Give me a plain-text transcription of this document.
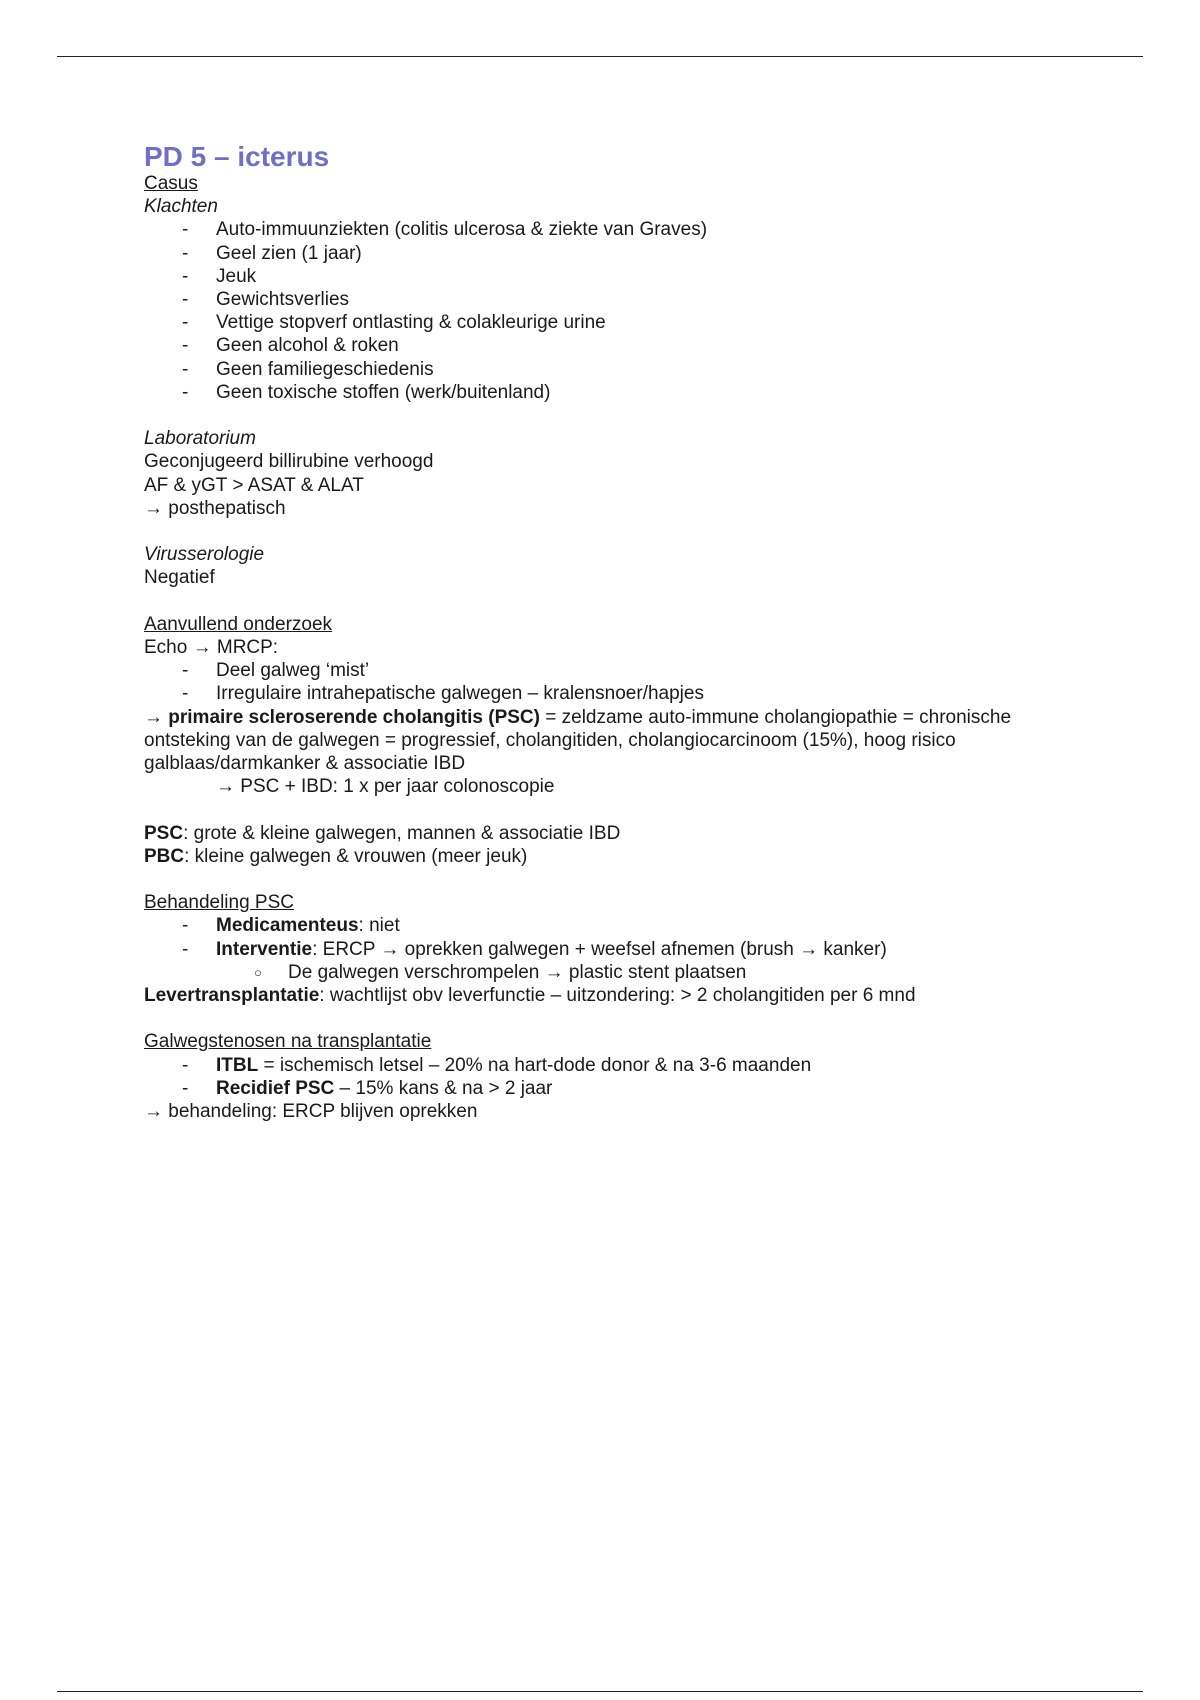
PD 5 – icterus
Casus
Klachten
- Auto-immuunziekten (colitis ulcerosa & ziekte van Graves)
- Geel zien (1 jaar)
- Jeuk
- Gewichtsverlies
- Vettige stopverf ontlasting & colakleurige urine
- Geen alcohol & roken
- Geen familiegeschiedenis
- Geen toxische stoffen (werk/buitenland)
Laboratorium
Geconjugeerd billirubine verhoogd
AF & yGT > ASAT & ALAT
→ posthepatisch
Virusserologie
Negatief
Aanvullend onderzoek
Echo → MRCP:
- Deel galweg ‘mist’
- Irregulaire intrahepatische galwegen – kralensnoer/hapjes
→ primaire scleroserende cholangitis (PSC) = zeldzame auto-immune cholangiopathie = chronische ontsteking van de galwegen = progressief, cholangitiden, cholangiocarcinoom (15%), hoog risico galblaas/darmkanker & associatie IBD
→ PSC + IBD: 1 x per jaar colonoscopie
PSC: grote & kleine galwegen, mannen & associatie IBD
PBC: kleine galwegen & vrouwen (meer jeuk)
Behandeling PSC
- Medicamenteus: niet
- Interventie: ERCP → oprekken galwegen + weefsel afnemen (brush → kanker)
○ De galwegen verschrompelen → plastic stent plaatsen
Levertransplantatie: wachtlijst obv leverfunctie – uitzondering: > 2 cholangitiden per 6 mnd
Galwegstenosen na transplantatie
- ITBL = ischemisch letsel – 20% na hart-dode donor & na 3-6 maanden
- Recidief PSC – 15% kans & na > 2 jaar
→ behandeling: ERCP blijven oprekken
